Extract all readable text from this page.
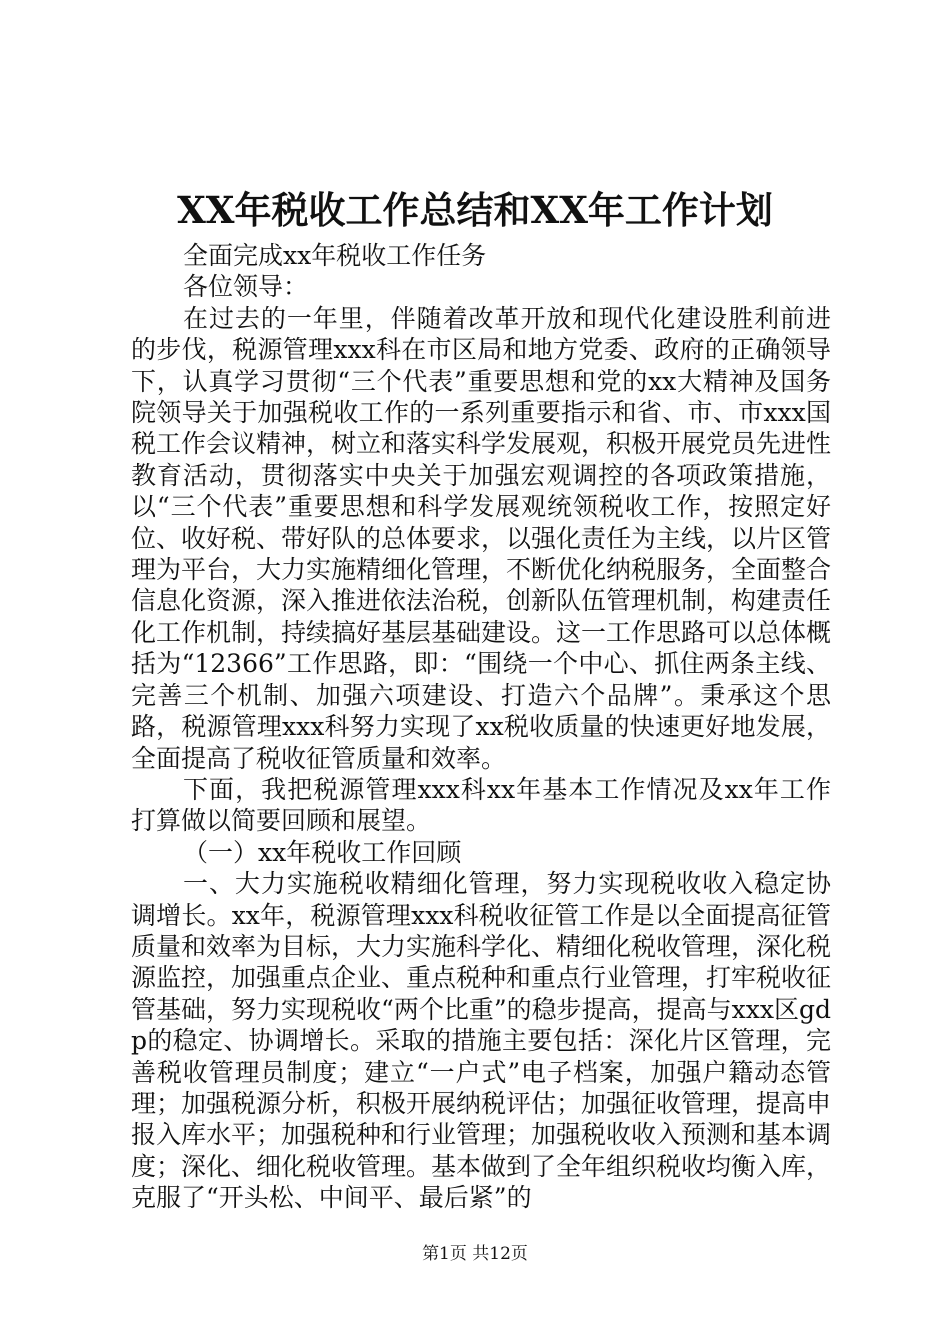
XX年税收工作总结和XX年工作计划

全面完成xx年税收工作任务

各位领导：

在过去的一年里，伴随着改革开放和现代化建设胜利前进的步伐，税源管理xxx科在市区局和地方党委、政府的正确领导下，认真学习贯彻“三个代表”重要思想和党的xx大精神及国务院领导关于加强税收工作的一系列重要指示和省、市、市xxx国税工作会议精神，树立和落实科学发展观，积极开展党员先进性教育活动，贯彻落实中央关于加强宏观调控的各项政策措施，以“三个代表”重要思想和科学发展观统领税收工作，按照定好位、收好税、带好队的总体要求，以强化责任为主线，以片区管理为平台，大力实施精细化管理，不断优化纳税服务，全面整合信息化资源，深入推进依法治税，创新队伍管理机制，构建责任化工作机制，持续搞好基层基础建设。这一工作思路可以总体概括为“12366”工作思路，即：“围绕一个中心、抓住两条主线、完善三个机制、加强六项建设、打造六个品牌”。秉承这个思路，税源管理xxx科努力实现了xx税收质量的快速更好地发展，全面提高了税收征管质量和效率。

下面，我把税源管理xxx科xx年基本工作情况及xx年工作打算做以简要回顾和展望。

（一）xx年税收工作回顾

一、大力实施税收精细化管理，努力实现税收收入稳定协调增长。xx年，税源管理xxx科税收征管工作是以全面提高征管质量和效率为目标，大力实施科学化、精细化税收管理，深化税源监控，加强重点企业、重点税种和重点行业管理，打牢税收征管基础，努力实现税收“两个比重”的稳步提高，提高与xxx区gdp的稳定、协调增长。采取的措施主要包括：深化片区管理，完善税收管理员制度；建立“一户式”电子档案，加强户籍动态管理；加强税源分析，积极开展纳税评估；加强征收管理，提高申报入库水平；加强税种和行业管理；加强税收收入预测和基本调度；深化、细化税收管理。基本做到了全年组织税收均衡入库，克服了“开头松、中间平、最后紧”的

第1页 共12页
